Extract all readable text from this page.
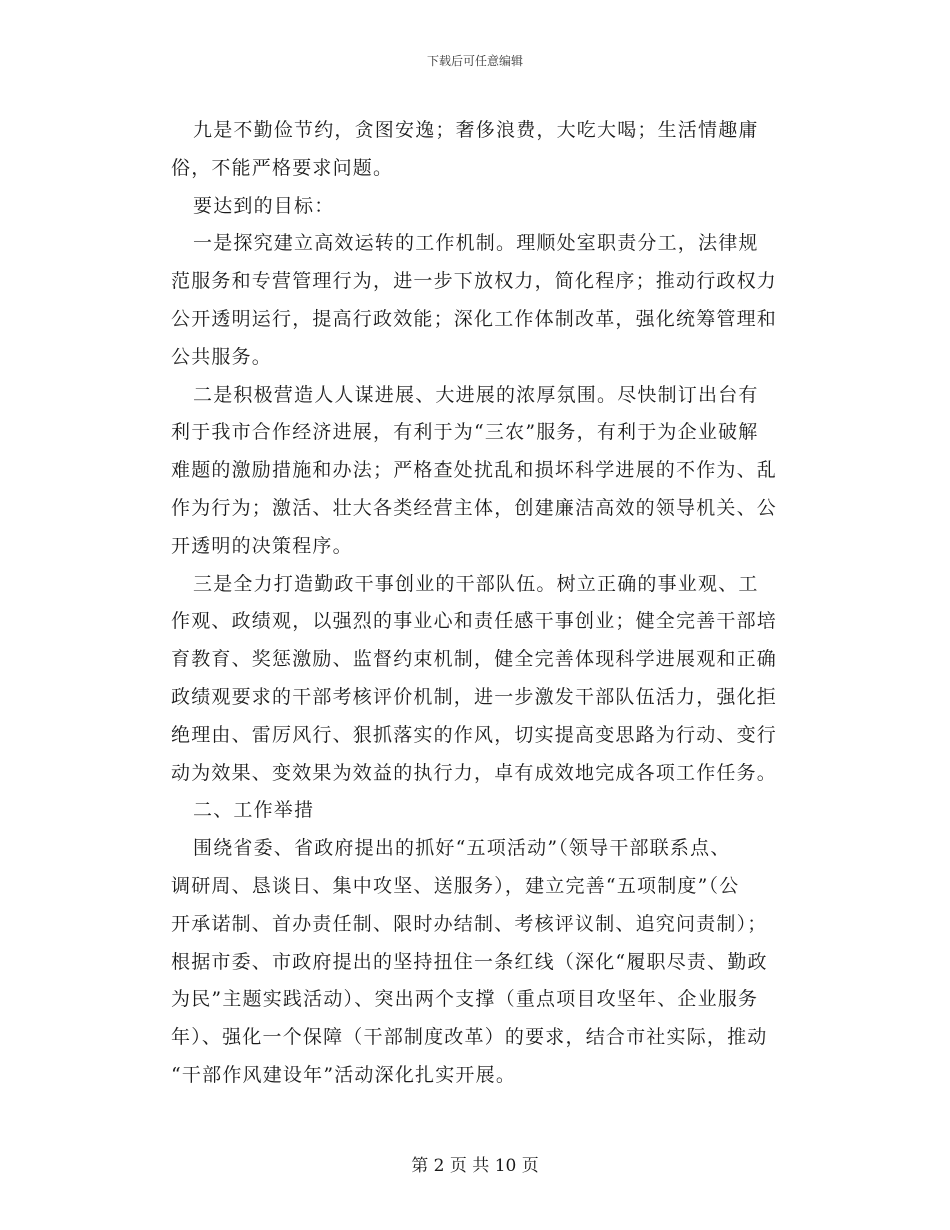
下载后可任意编辑
九是不勤俭节约，贪图安逸；奢侈浪费，大吃大喝；生活情趣庸
俗，不能严格要求问题。
要达到的目标：
一是探究建立高效运转的工作机制。理顺处室职责分工，法律规
范服务和专营管理行为，进一步下放权力，简化程序；推动行政权力
公开透明运行，提高行政效能；深化工作体制改革，强化统筹管理和
公共服务。
二是积极营造人人谋进展、大进展的浓厚氛围。尽快制订出台有
利于我市合作经济进展，有利于为“三农”服务，有利于为企业破解
难题的激励措施和办法；严格查处扰乱和损坏科学进展的不作为、乱
作为行为；激活、壮大各类经营主体，创建廉洁高效的领导机关、公
开透明的决策程序。
三是全力打造勤政干事创业的干部队伍。树立正确的事业观、工
作观、政绩观，以强烈的事业心和责任感干事创业；健全完善干部培
育教育、奖惩激励、监督约束机制，健全完善体现科学进展观和正确
政绩观要求的干部考核评价机制，进一步激发干部队伍活力，强化拒
绝理由、雷厉风行、狠抓落实的作风，切实提高变思路为行动、变行
动为效果、变效果为效益的执行力，卓有成效地完成各项工作任务。
二、工作举措
围绕省委、省政府提出的抓好“五项活动”（领导干部联系点、
调研周、恳谈日、集中攻坚、送服务），建立完善“五项制度”（公
开承诺制、首办责任制、限时办结制、考核评议制、追究问责制）；
根据市委、市政府提出的坚持扭住一条红线（深化“履职尽责、勤政
为民”主题实践活动）、突出两个支撑（重点项目攻坚年、企业服务
年）、强化一个保障（干部制度改革）的要求，结合市社实际，推动
“干部作风建设年”活动深化扎实开展。
第 2 页 共 10 页
